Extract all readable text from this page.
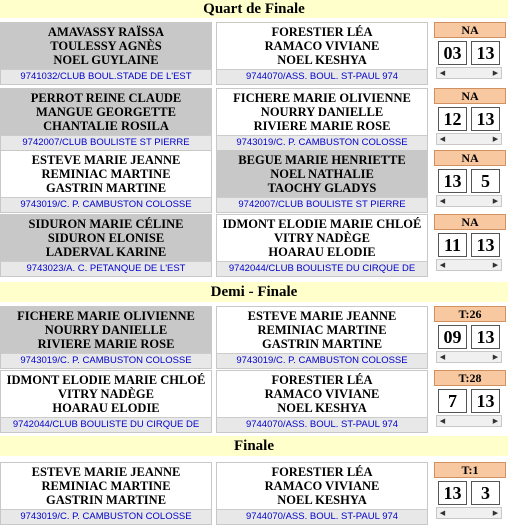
Quart de Finale
Demi - Finale
Finale
AMAVASSY RAÏSSA
TOULESSY AGNÈS
NOEL GUYLAINE
9741032/CLUB BOUL.STADE DE L'EST
FORESTIER LÉA
RAMACO VIVIANE
NOEL KESHYA
9744070/ASS. BOUL. ST-PAUL 974
NA
03 13
◀	▶
PERROT REINE CLAUDE
MANGUE GEORGETTE
CHANTALIE ROSILA
9742007/CLUB BOULISTE ST PIERRE
FICHERE MARIE OLIVIENNE
NOURRY DANIELLE
RIVIERE MARIE ROSE
9743019/C. P. CAMBUSTON COLOSSE
NA
12 13
◀	▶
ESTEVE MARIE JEANNE
REMINIAC MARTINE
GASTRIN MARTINE
9743019/C. P. CAMBUSTON COLOSSE
BEGUE MARIE HENRIETTE
NOEL NATHALIE
TAOCHY GLADYS
9742007/CLUB BOULISTE ST PIERRE
NA
13	5
◀	▶
SIDURON MARIE CÉLINE
SIDURON ELONISE
LADERVAL KARINE
9743023/A. C. PETANQUE DE L'EST
IDMONT ELODIE MARIE CHLOÉ
VITRY NADÈGE
HOARAU ELODIE
9742044/CLUB BOULISTE DU CIRQUE DE
NA
11 13
◀	▶
FICHERE MARIE OLIVIENNE
NOURRY DANIELLE
RIVIERE MARIE ROSE
9743019/C. P. CAMBUSTON COLOSSE
ESTEVE MARIE JEANNE
REMINIAC MARTINE
GASTRIN MARTINE
9743019/C. P. CAMBUSTON COLOSSE
T:26
09 13
◀	▶
IDMONT ELODIE MARIE CHLOÉ
VITRY NADÈGE
HOARAU ELODIE
9742044/CLUB BOULISTE DU CIRQUE DE
FORESTIER LÉA
RAMACO VIVIANE
NOEL KESHYA
9744070/ASS. BOUL. ST-PAUL 974
T:28
7	13
◀	▶
ESTEVE MARIE JEANNE
REMINIAC MARTINE
GASTRIN MARTINE
9743019/C. P. CAMBUSTON COLOSSE
FORESTIER LÉA
RAMACO VIVIANE
NOEL KESHYA
9744070/ASS. BOUL. ST-PAUL 974
T:1
13	3
◀	▶
